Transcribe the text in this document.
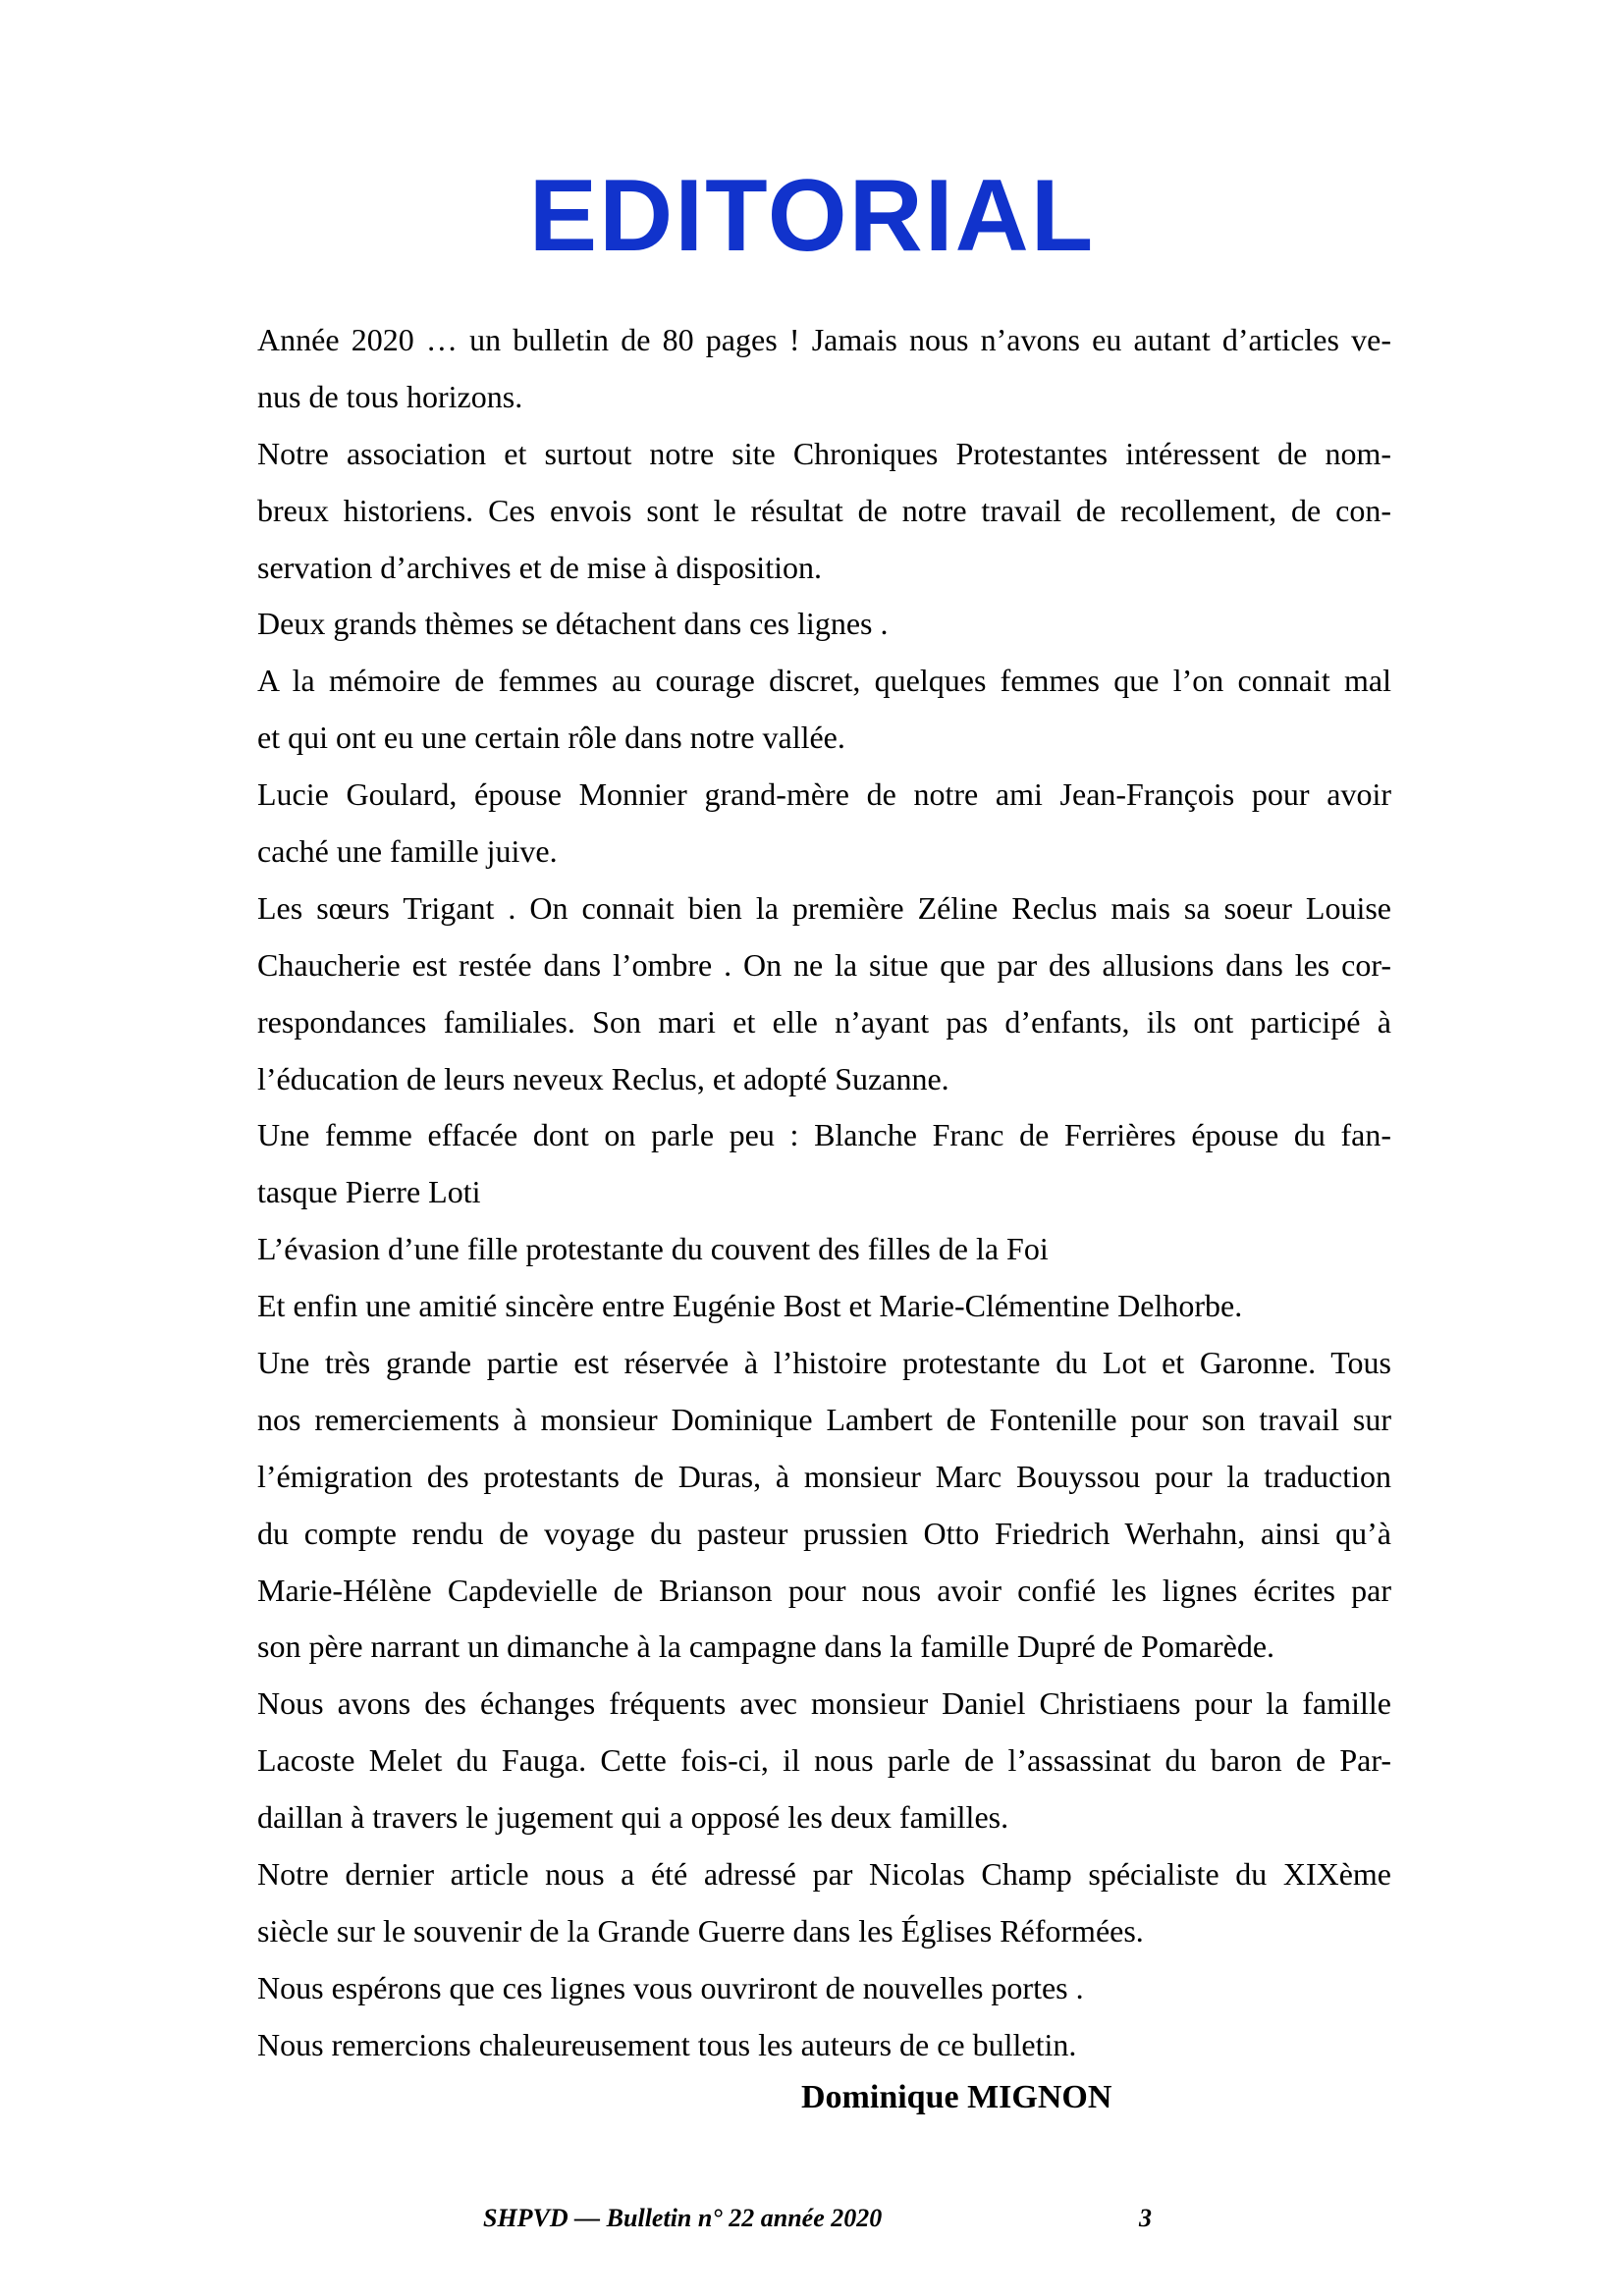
EDITORIAL
Année 2020 … un bulletin de 80 pages ! Jamais nous n’avons eu autant d’articles ve-
nus de tous horizons.
Notre association et surtout notre site Chroniques Protestantes intéressent de nom-
breux historiens. Ces envois sont le résultat de notre travail de recollement, de con-
servation d’archives et de mise à disposition.
Deux grands thèmes se détachent dans ces lignes .
A la mémoire de femmes au courage discret, quelques femmes que l’on connait mal
et qui ont eu une certain rôle dans notre vallée.
Lucie Goulard, épouse Monnier grand-mère de notre ami Jean-François pour avoir
caché une famille juive.
Les sœurs Trigant . On connait bien la première Zéline Reclus mais sa soeur Louise
Chaucherie est restée dans l’ombre . On ne la situe que par des allusions dans les cor-
respondances familiales. Son mari et elle n’ayant pas d’enfants, ils ont participé à
l’éducation de leurs neveux Reclus, et adopté Suzanne.
Une femme effacée dont on parle peu : Blanche Franc de Ferrières épouse du fan-
tasque Pierre Loti
L’évasion d’une fille protestante du couvent des filles de la Foi
Et enfin une amitié sincère entre Eugénie Bost et Marie-Clémentine Delhorbe.
Une très grande partie est réservée à l’histoire protestante du Lot et Garonne. Tous
nos remerciements à monsieur Dominique Lambert de Fontenille pour son travail sur
l’émigration des protestants de Duras, à monsieur Marc Bouyssou pour la traduction
du compte rendu de voyage du pasteur prussien Otto Friedrich Werhahn, ainsi qu’à
Marie-Hélène Capdevielle de Brianson pour nous avoir confié les lignes écrites par
son père narrant un dimanche à la campagne dans la famille Dupré de Pomarède.
Nous avons des échanges fréquents avec monsieur Daniel Christiaens pour la famille
Lacoste Melet du Fauga. Cette fois-ci, il nous parle de l’assassinat du baron de Par-
daillan à travers le jugement qui a opposé les deux familles.
Notre dernier article nous a été adressé par Nicolas Champ spécialiste du XIXème
siècle sur le souvenir de la Grande Guerre dans les Églises Réformées.
Nous espérons que ces lignes vous ouvriront de nouvelles portes .
Nous remercions chaleureusement tous les auteurs de ce bulletin.
Dominique MIGNON
SHPVD — Bulletin n° 22 année 2020	3
